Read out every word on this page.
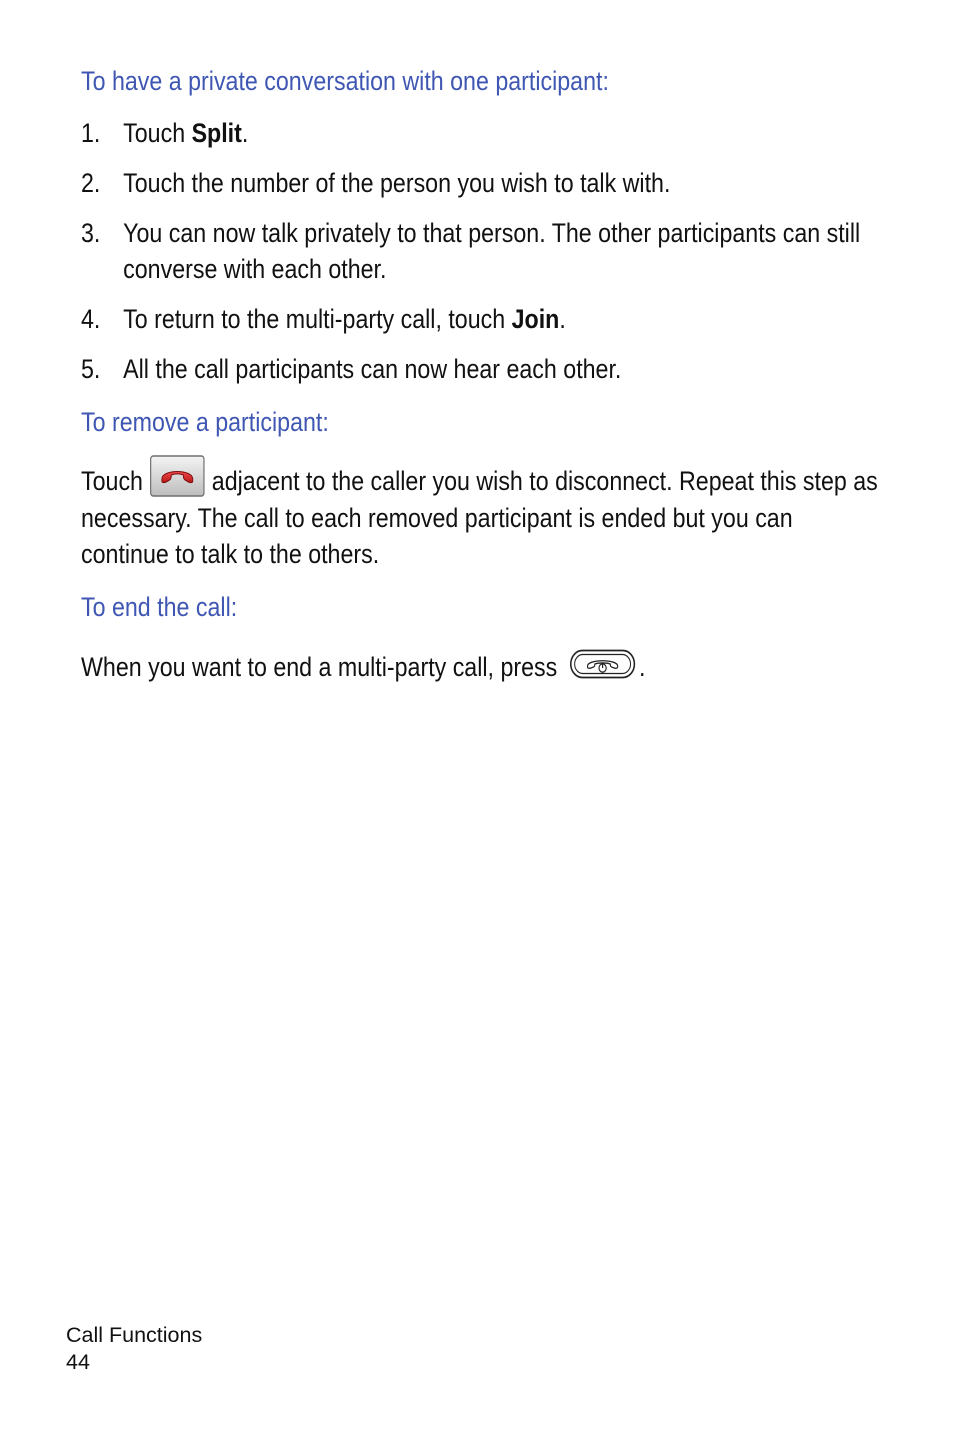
To have a private conversation with one participant:
1. Touch Split.
2. Touch the number of the person you wish to talk with.
3. You can now talk privately to that person. The other participants can still converse with each other.
4. To return to the multi-party call, touch Join.
5. All the call participants can now hear each other.
To remove a participant:
Touch	adjacent to the caller you wish to disconnect. Repeat this step as necessary. The call to each removed participant is ended but you can continue to talk to the others.
To end the call:
When you want to end a multi-party call, press	.
Call Functions
44
